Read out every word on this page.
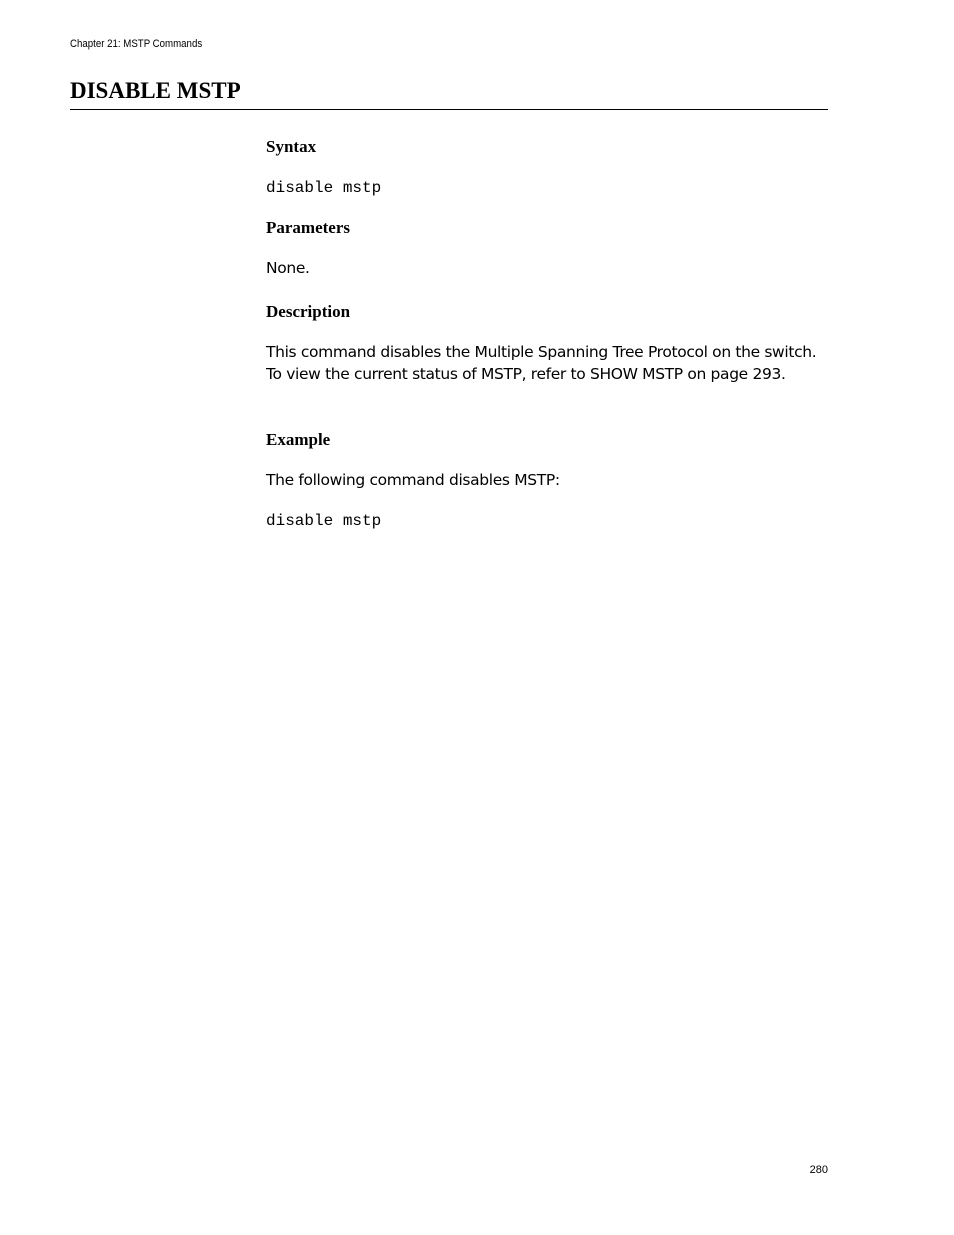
Chapter 21: MSTP Commands
DISABLE MSTP
Syntax
disable mstp
Parameters

None.

Description

This command disables the Multiple Spanning Tree Protocol on the switch. To view the current status of MSTP, refer to SHOW MSTP on page 293.

Example

The following command disables MSTP:

disable mstp
280
